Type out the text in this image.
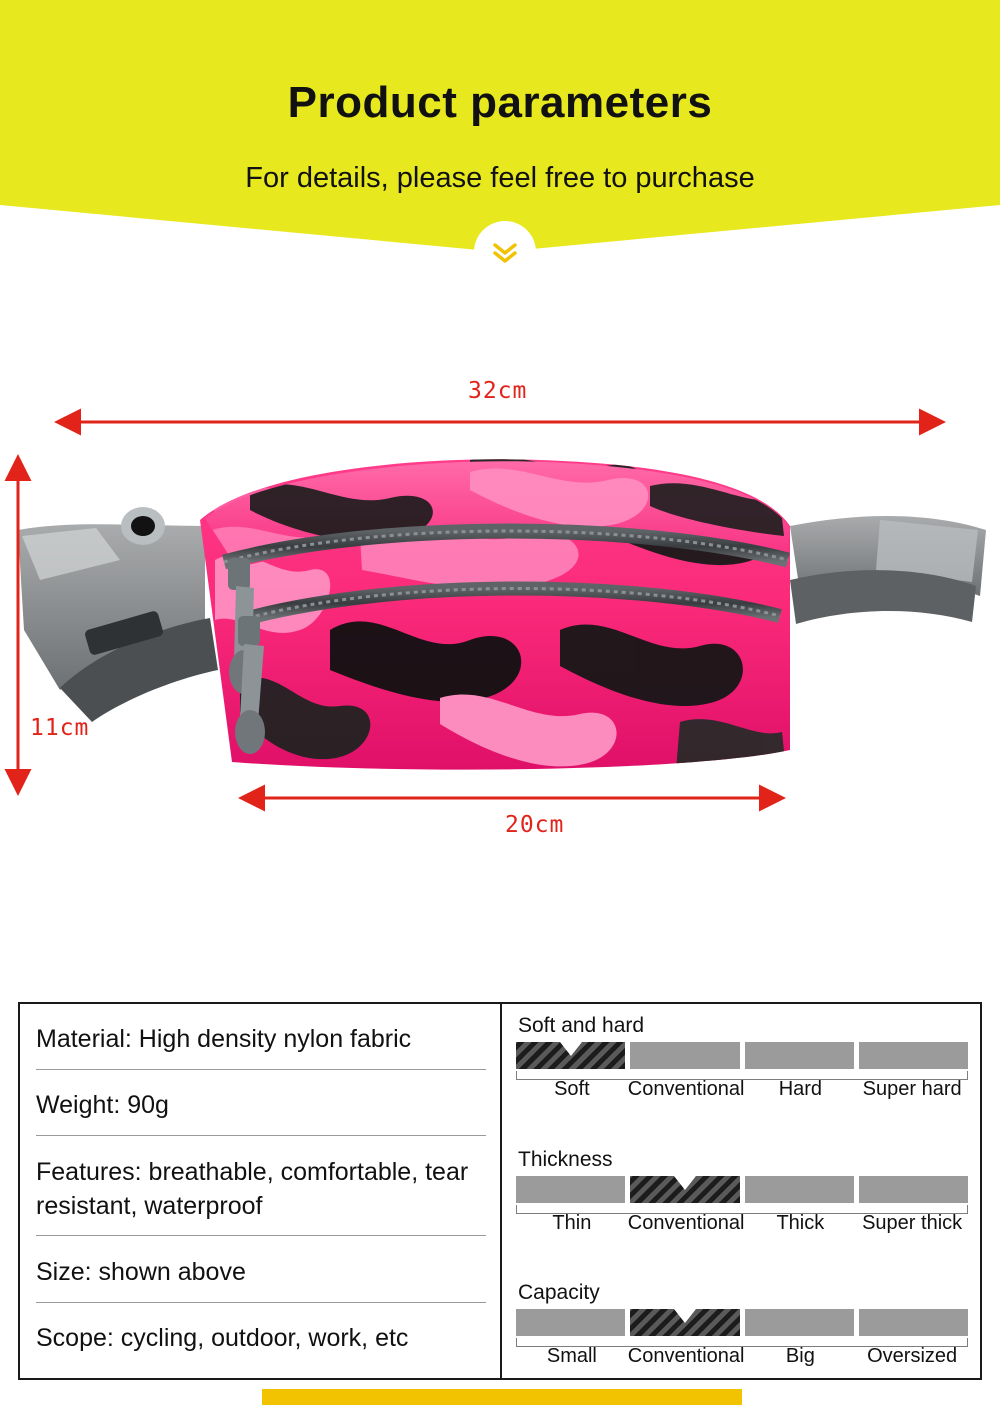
Product parameters
For details, please feel free to purchase
32cm
11cm
20cm
Material: High density nylon fabric
Weight: 90g
Features: breathable, comfortable, tear resistant, waterproof
Size: shown above
Scope: cycling, outdoor, work, etc
Soft and hard
Soft	Conventional	Hard	Super hard
Thickness
Thin	Conventional	Thick	Super thick
Capacity
Small	Conventional	Big	Oversized
